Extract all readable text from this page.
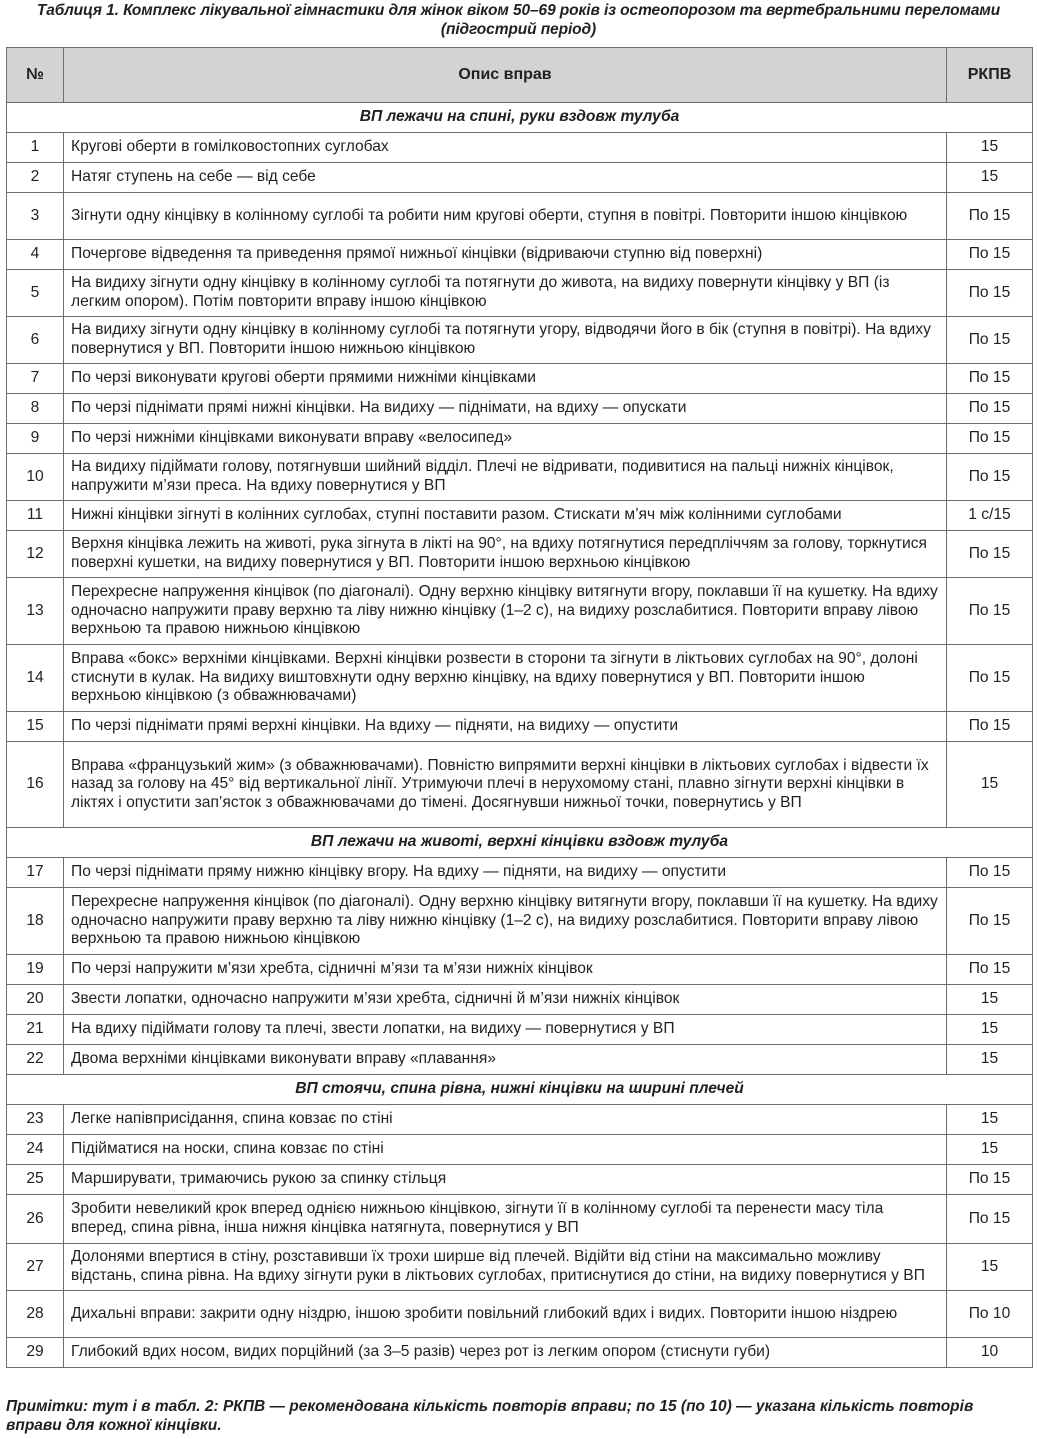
Таблиця 1. Комплекс лікувальної гімнастики для жінок віком 50–69 років із остеопорозом та вертебральними переломами (підгострий період)
№	Опис вправ	РКПВ
ВП лежачи на спині, руки вздовж тулуба		
1	Кругові оберти в гомілковостопних суглобах	15
2	Натяг ступень на себе — від себе	15
3	Зігнути одну кінцівку в колінному суглобі та робити ним кругові оберти, ступня в повітрі. Повторити іншою кінцівкою	По 15
4	Почергове відведення та приведення прямої нижньої кінцівки (відриваючи ступню від поверхні)	По 15
5	На видиху зігнути одну кінцівку в колінному суглобі та потягнути до живота, на видиху повернути кінцівку у ВП (із легким опором). Потім повторити вправу іншою кінцівкою	По 15
6	На видиху зігнути одну кінцівку в колінному суглобі та потягнути угору, відводячи його в бік (ступня в повітрі). На вдиху повернутися у ВП. Повторити іншою нижньою кінцівкою	По 15
7	По черзі виконувати кругові оберти прямими нижніми кінцівками	По 15
8	По черзі піднімати прямі нижні кінцівки. На видиху — піднімати, на вдиху — опускати	По 15
9	По черзі нижніми кінцівками виконувати вправу «велосипед»	По 15
10	На видиху підіймати голову, потягнувши шийний відділ. Плечі не відривати, подивитися на пальці нижніх кінцівок, напружити м’язи преса. На вдиху повернутися у ВП	По 15
11	Нижні кінцівки зігнуті в колінних суглобах, ступні поставити разом. Стискати м’яч між колінними суглобами	1 с/15
12	Верхня кінцівка лежить на животі, рука зігнута в лікті на 90°, на вдиху потягнутися передпліччям за голову, торкнутися поверхні кушетки, на видиху повернутися у ВП. Повторити іншою верхньою кінцівкою	По 15
13	Перехресне напруження кінцівок (по діагоналі). Одну верхню кінцівку витягнути вгору, поклавши її на кушетку. На вдиху одночасно напружити праву верхню та ліву нижню кінцівку (1–2 с), на видиху розслабитися. Повторити вправу лівою верхньою та правою нижньою кінцівкою	По 15
14	Вправа «бокс» верхніми кінцівками. Верхні кінцівки розвести в сторони та зігнути в ліктьових суглобах на 90°, долоні стиснути в кулак. На видиху виштовхнути одну верхню кінцівку, на вдиху повернутися у ВП. Повторити іншою верхньою кінцівкою (з обважнювачами)	По 15
15	По черзі піднімати прямі верхні кінцівки. На вдиху — підняти, на видиху — опустити	По 15
16	Вправа «французький жим» (з обважнювачами). Повністю випрямити верхні кінцівки в ліктьових суглобах і відвести їх назад за голову на 45° від вертикальної лінії. Утримуючи плечі в нерухомому стані, плавно зігнути верхні кінцівки в ліктях і опустити зап’ясток з обважнювачами до тімені. Досягнувши нижньої точки, повернутись у ВП	15
ВП лежачи на животі, верхні кінцівки вздовж тулуба		
17	По черзі піднімати пряму нижню кінцівку вгору. На вдиху — підняти, на видиху — опустити	По 15
18	Перехресне напруження кінцівок (по діагоналі). Одну верхню кінцівку витягнути вгору, поклавши її на кушетку. На вдиху одночасно напружити праву верхню та ліву нижню кінцівку (1–2 с), на видиху розслабитися. Повторити вправу лівою верхньою та правою нижньою кінцівкою	По 15
19	По черзі напружити м’язи хребта, сідничні м’язи та м’язи нижніх кінцівок	По 15
20	Звести лопатки, одночасно напружити м’язи хребта, сідничні й м’язи нижніх кінцівок	15
21	На вдиху підіймати голову та плечі, звести лопатки, на видиху — повернутися у ВП	15
22	Двома верхніми кінцівками виконувати вправу «плавання»	15
ВП стоячи, спина рівна, нижні кінцівки на ширині плечей		
23	Легке напівприсідання, спина ковзає по стіні	15
24	Підійматися на носки, спина ковзає по стіні	15
25	Марширувати, тримаючись рукою за спинку стільця	По 15
26	Зробити невеликий крок вперед однією нижньою кінцівкою, зігнути її в колінному суглобі та перенести масу тіла вперед, спина рівна, інша нижня кінцівка натягнута, повернутися у ВП	По 15
27	Долонями впертися в стіну, розставивши їх трохи ширше від плечей. Відійти від стіни на максимально можливу відстань, спина рівна. На вдиху зігнути руки в ліктьових суглобах, притиснутися до стіни, на видиху повернутися у ВП	15
28	Дихальні вправи: закрити одну ніздрю, іншою зробити повільний глибокий вдих і видих. Повторити іншою ніздрею	По 10
29	Глибокий вдих носом, видих порційний (за 3–5 разів) через рот із легким опором (стиснути губи)	10
Примітки: тут і в табл. 2: РКПВ — рекомендована кількість повторів вправи; по 15 (по 10) — указана кількість повторів вправи для кожної кінцівки.
